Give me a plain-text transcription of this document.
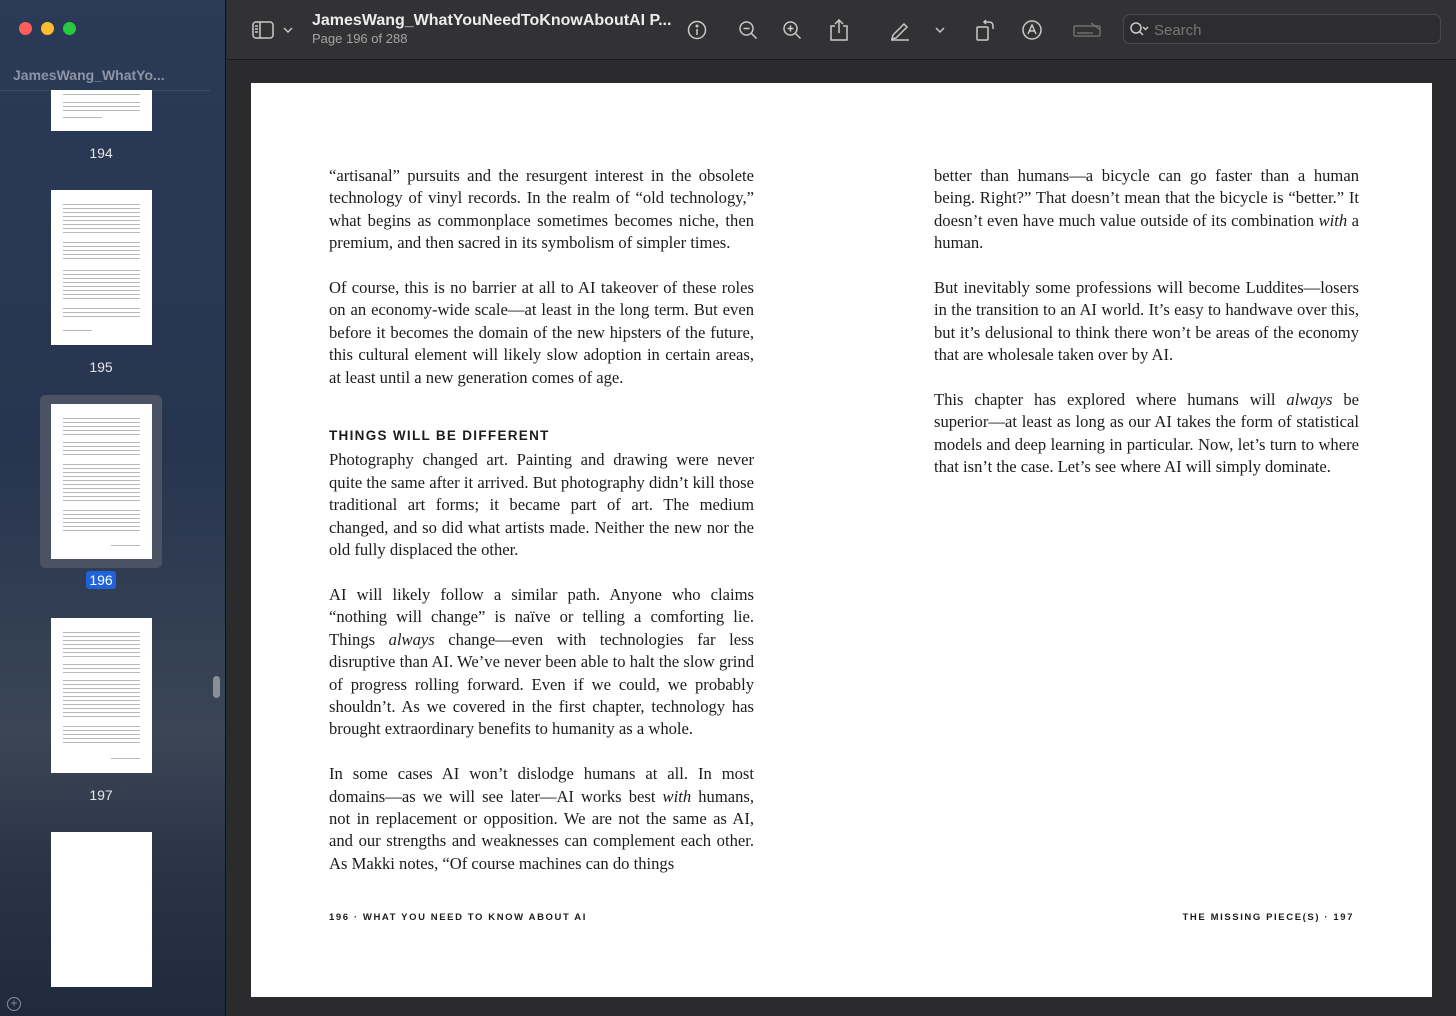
JamesWang_WhatYo...
194
195
196
197
+
JamesWang_WhatYouNeedToKnowAboutAI P...
Page 196 of 288	Search

“artisanal” pursuits and the resurgent interest in the obsolete technology of vinyl records. In the realm of “old technology,” what begins as commonplace sometimes becomes niche, then premium, and then sacred in its symbolism of simpler times.

Of course, this is no barrier at all to AI takeover of these roles on an economy-wide scale—at least in the long term. But even before it becomes the domain of the new hipsters of the future, this cultural element will likely slow adoption in certain areas, at least until a new generation comes of age.

THINGS WILL BE DIFFERENT

Photography changed art. Painting and drawing were never quite the same after it arrived. But photography didn’t kill those traditional art forms; it became part of art. The medium changed, and so did what artists made. Neither the new nor the old fully displaced the other.

AI will likely follow a similar path. Anyone who claims “nothing will change” is naïve or telling a comforting lie. Things always change—even with technologies far less disruptive than AI. We’ve never been able to halt the slow grind of progress rolling forward. Even if we could, we probably shouldn’t. As we covered in the first chapter, technology has brought extraordinary benefits to humanity as a whole.

In some cases AI won’t dislodge humans at all. In most domains—as we will see later—AI works best with humans, not in replacement or opposition. We are not the same as AI, and our strengths and weaknesses can complement each other. As Makki notes, “Of course machines can do things

better than humans—a bicycle can go faster than a human being. Right?” That doesn’t mean that the bicycle is “better.” It doesn’t even have much value outside of its combination with a human.

But inevitably some professions will become Luddites—losers in the transition to an AI world. It’s easy to handwave over this, but it’s delusional to think there won’t be areas of the economy that are wholesale taken over by AI.

This chapter has explored where humans will always be superior—at least as long as our AI takes the form of statistical models and deep learning in particular. Now, let’s turn to where that isn’t the case. Let’s see where AI will simply dominate.

196 · WHAT YOU NEED TO KNOW ABOUT AI	THE MISSING PIECE(S) · 197
